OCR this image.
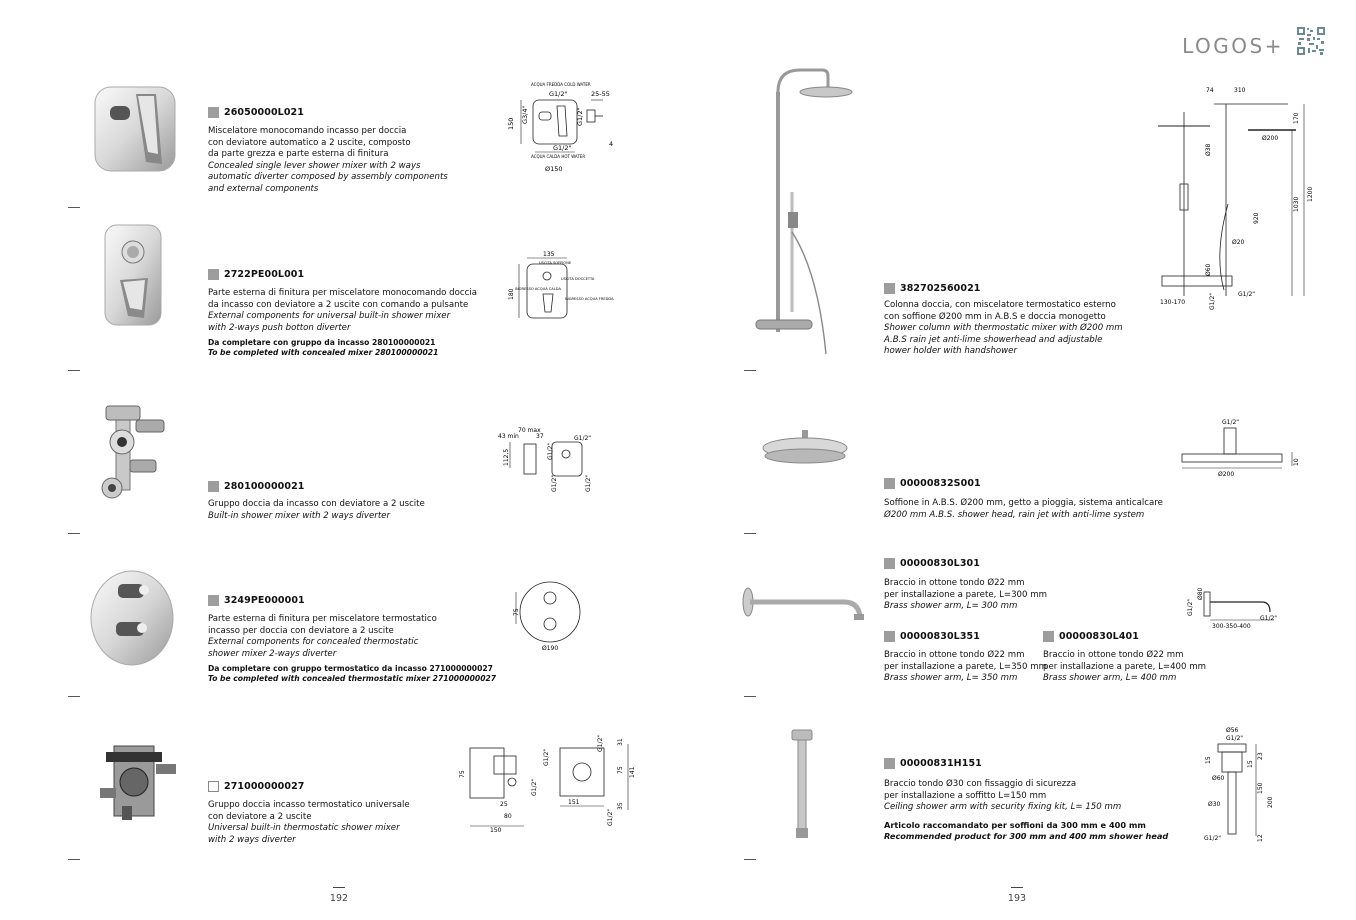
LOGOS+
26050000L021
Miscelatore monocomando incasso per doccia
con deviatore automatico a 2 uscite, composto
da parte grezza e parte esterna di finitura
Concealed single lever shower mixer with 2 ways
automatic diverter composed by assembly components
and external components
ACQUA FREDDA COLD WATER
G1/2"	25-55
150 G3/4"	G1/2"
G1/2"
ACQUA CALDA HOT WATER
Ø150
4
2722PE00L001
Parte esterna di finitura per miscelatore monocomando doccia
da incasso con deviatore a 2 uscite con comando a pulsante
External components for universal built-in shower mixer
with 2-ways push botton diverter
Da completare con gruppo da incasso 280100000021
To be completed with concealed mixer 280100000021
135
180
USCITA SOFFIONE
USCITA DOCCETTA
INGRESSO ACQUA CALDA
INGRESSO ACQUA FREDDA
280100000021
Gruppo doccia da incasso con deviatore a 2 uscite
Built-in shower mixer with 2 ways diverter
70 max
43 min	37	G1/2"
G1/2"
G1/2"	G1/2"
112,5
3249PE000001
Parte esterna di finitura per miscelatore termostatico
incasso per doccia con deviatore a 2 uscite
External components for concealed thermostatic
shower mixer 2-ways diverter
Da completare con gruppo termostatico da incasso 271000000027
To be completed with concealed thermostatic mixer 271000000027
75
Ø190
271000000027
Gruppo doccia incasso termostatico universale
con deviatore a 2 uscite
Universal built-in thermostatic shower mixer
with 2 ways diverter
75
25
80
150
G1/2"
G1/2"
G1/2"
G1/2"
31
75 141
151	35
192
382702560021
Colonna doccia, con miscelatore termostatico esterno
con soffione Ø200 mm in A.B.S e doccia monogetto
Shower column with thermostatic mixer with Ø200 mm
A.B.S rain jet anti-lime showerhead and adjustable
hower holder with handshower
74	310
170
Ø200
Ø38
920
1030
1200
Ø20
Ø60
130-170	G1/2"	G1/2"
00000832S001
Soffione in A.B.S. Ø200 mm, getto a pioggia, sistema anticalcare
Ø200 mm A.B.S. shower head, rain jet with anti-lime system
G1/2"
Ø200
10
00000830L301
Braccio in ottone tondo Ø22 mm
per installazione a parete, L=300 mm
Brass shower arm, L= 300 mm
00000830L351
Braccio in ottone tondo Ø22 mm
per installazione a parete, L=350 mm
Brass shower arm, L= 350 mm
00000830L401
Braccio in ottone tondo Ø22 mm
per installazione a parete, L=400 mm
Brass shower arm, L= 400 mm
Ø80
G1/2"
G1/2"
300-350-400
00000831H151
Braccio tondo Ø30 con fissaggio di sicurezza
per installazione a soffitto L=150 mm
Ceiling shower arm with security fixing kit, L= 150 mm
Articolo raccomandato per soffioni da 300 mm e 400 mm
Recommended product for 300 mm and 400 mm shower head
Ø56
G1/2"
23
15
15
Ø60
150
200
Ø30
G1/2"	12
193
